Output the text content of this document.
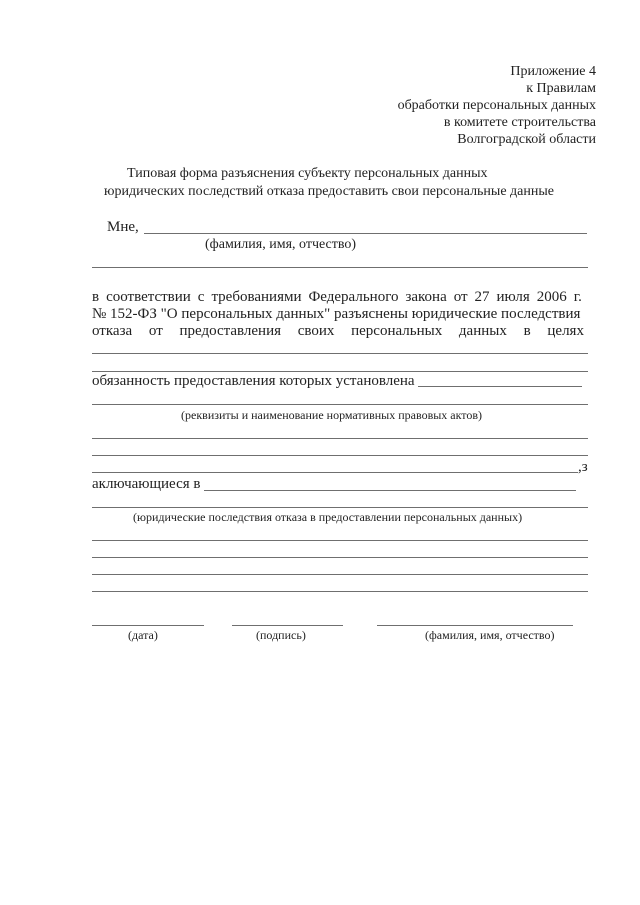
Приложение 4
к Правилам
обработки персональных данных
в комитете строительства
Волгоградской области
Типовая форма разъяснения субъекту персональных данных
юридических последствий отказа предоставить свои персональные данные
Мне,
(фамилия, имя, отчество)
в соответствии с требованиями Федерального закона от 27 июля 2006 г.
№ 152-ФЗ "О персональных данных" разъяснены юридические последствия
отказа от предоставления своих персональных данных в целях
обязанность предоставления которых установлена
(реквизиты и наименование нормативных правовых актов)
,з
аключающиеся в
(юридические последствия отказа в предоставлении персональных данных)
(дата)	(подпись)	(фамилия, имя, отчество)
